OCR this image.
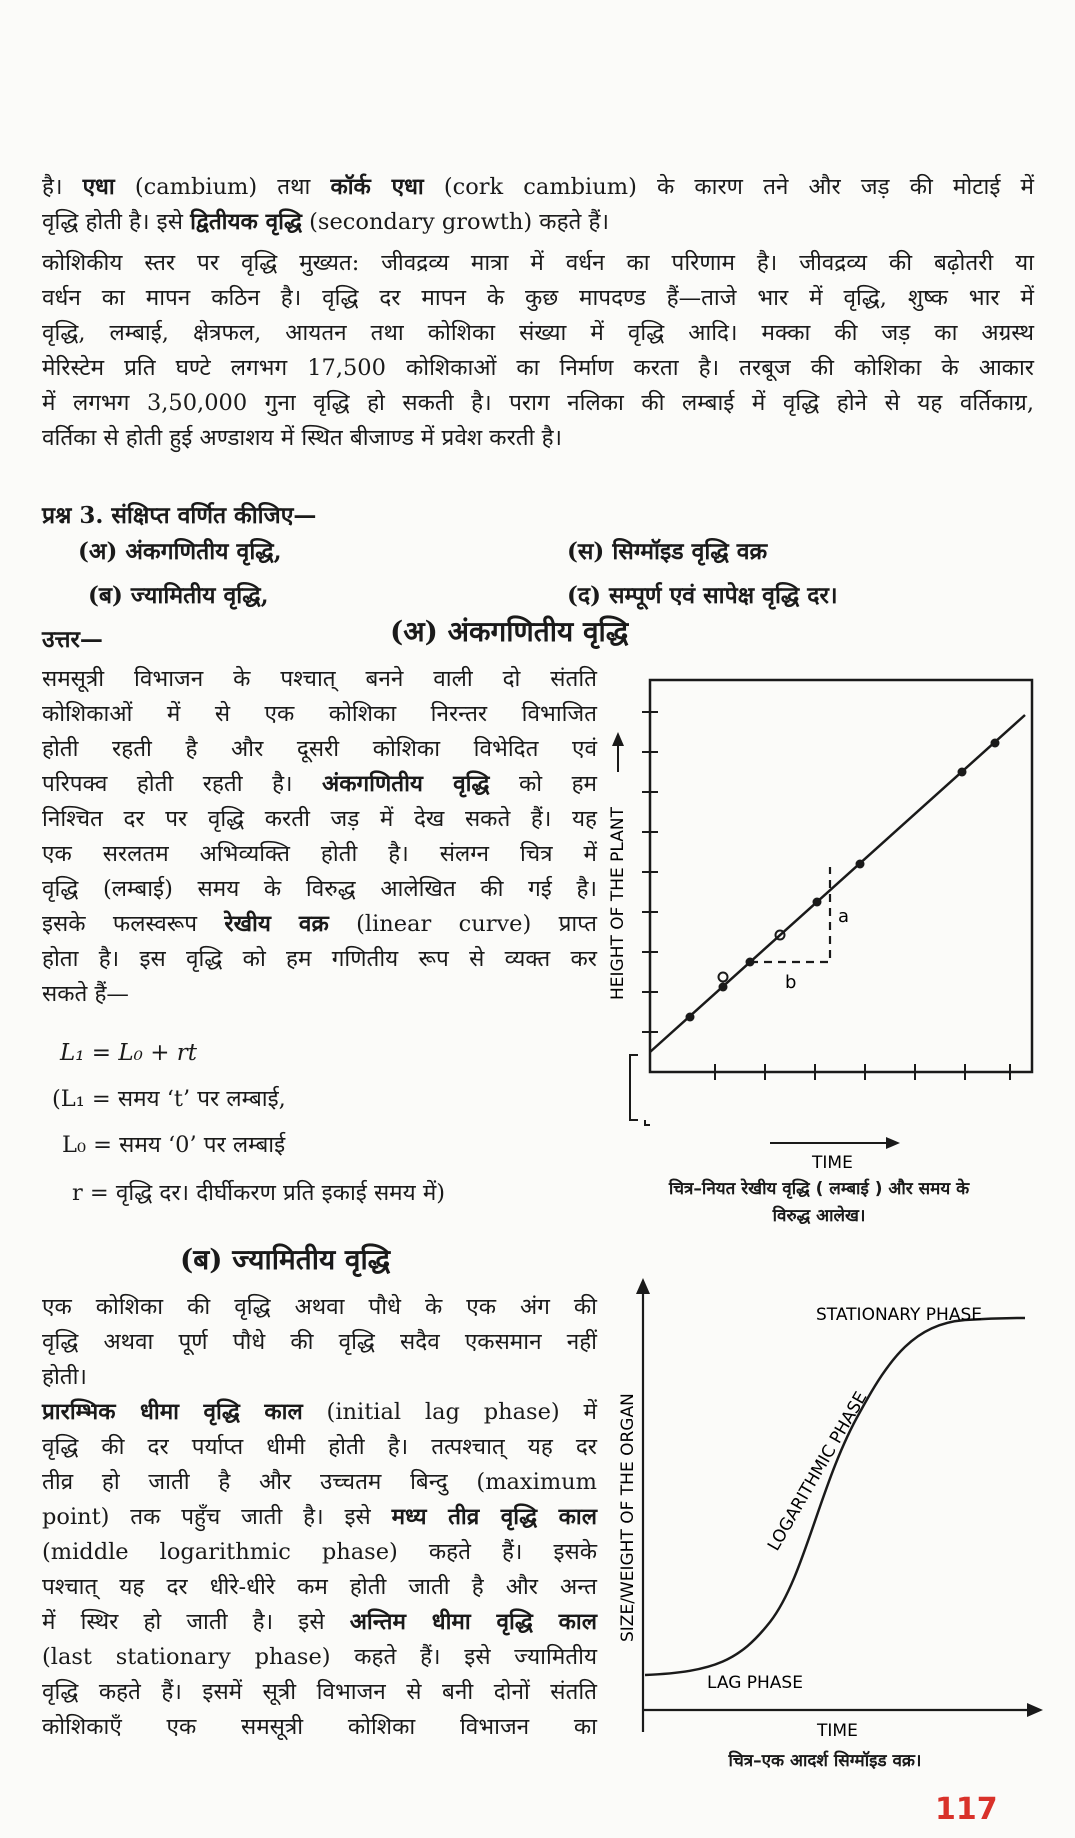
है। एधा (cambium) तथा कॉर्क एधा (cork cambium) के कारण तने और जड़ की मोटाई में
वृद्धि होती है। इसे द्वितीयक वृद्धि (secondary growth) कहते हैं।
कोशिकीय स्तर पर वृद्धि मुख्यत: जीवद्रव्य मात्रा में वर्धन का परिणाम है। जीवद्रव्य की बढ़ोतरी या
वर्धन का मापन कठिन है। वृद्धि दर मापन के कुछ मापदण्ड हैं—ताजे भार में वृद्धि, शुष्क भार में
वृद्धि, लम्बाई, क्षेत्रफल, आयतन तथा कोशिका संख्या में वृद्धि आदि। मक्का की जड़ का अग्रस्थ
मेरिस्टेम प्रति घण्टे लगभग 17,500 कोशिकाओं का निर्माण करता है। तरबूज की कोशिका के आकार
में लगभग 3,50,000 गुना वृद्धि हो सकती है। पराग नलिका की लम्बाई में वृद्धि होने से यह वर्तिकाग्र,
वर्तिका से होती हुई अण्डाशय में स्थित बीजाण्ड में प्रवेश करती है।
प्रश्न 3. संक्षिप्त वर्णित कीजिए—
(अ) अंकगणितीय वृद्धि,
(ब) ज्यामितीय वृद्धि,
(स) सिग्मॉइड वृद्धि वक्र
(द) सम्पूर्ण एवं सापेक्ष वृद्धि दर।
उत्तर—	(अ) अंकगणितीय वृद्धि
समसूत्री विभाजन के पश्चात् बनने वाली दो संतति
कोशिकाओं में से एक कोशिका निरन्तर विभाजित
होती रहती है और दूसरी कोशिका विभेदित एवं
परिपक्व होती रहती है। अंकगणितीय वृद्धि को हम
निश्चित दर पर वृद्धि करती जड़ में देख सकते हैं। यह
एक सरलतम अभिव्यक्ति होती है। संलग्न चित्र में
वृद्धि (लम्बाई) समय के विरुद्ध आलेखित की गई है।
इसके फलस्वरूप रेखीय वक्र (linear curve) प्राप्त
होता है। इस वृद्धि को हम गणितीय रूप से व्यक्त कर
सकते हैं—
L₁ = L₀ + rt
(L₁ = समय ‘t’ पर लम्बाई,
L₀ = समय ‘0’ पर लम्बाई
r = वृद्धि दर। दीर्घीकरण प्रति इकाई समय में)
a
b
HEIGHT OF THE PLANT
TIME
चित्र–नियत रेखीय वृद्धि ( लम्बाई ) और समय के
विरुद्ध आलेख।
(ब) ज्यामितीय वृद्धि
एक कोशिका की वृद्धि अथवा पौधे के एक अंग की
वृद्धि अथवा पूर्ण पौधे की वृद्धि सदैव एकसमान नहीं
होती।
प्रारम्भिक धीमा वृद्धि काल (initial lag phase) में
वृद्धि की दर पर्याप्त धीमी होती है। तत्पश्चात् यह दर
तीव्र हो जाती है और उच्चतम बिन्दु (maximum
point) तक पहुँच जाती है। इसे मध्य तीव्र वृद्धि काल
(middle logarithmic phase) कहते हैं। इसके
पश्चात् यह दर धीरे-धीरे कम होती जाती है और अन्त
में स्थिर हो जाती है। इसे अन्तिम धीमा वृद्धि काल
(last stationary phase) कहते हैं। इसे ज्यामितीय
वृद्धि कहते हैं। इसमें सूत्री विभाजन से बनी दोनों संतति
कोशिकाएँ एक समसूत्री कोशिका विभाजन का
SIZE/WEIGHT OF THE ORGAN
STATIONARY PHASE
LOGARITHMIC PHASE
LAG PHASE
TIME
चित्र–एक आदर्श सिग्मॉइड वक्र।
117
